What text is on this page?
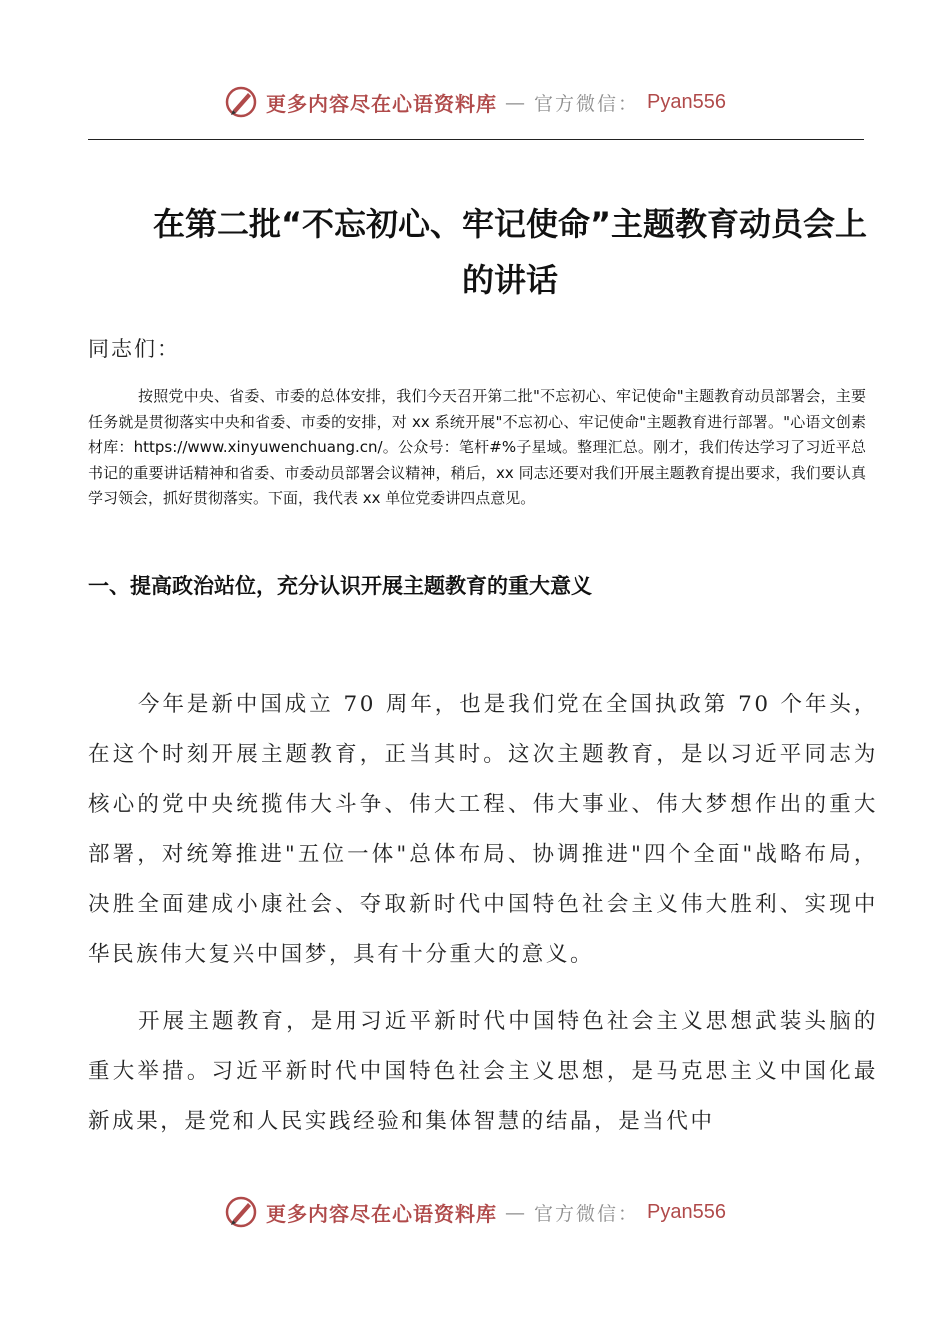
更多内容尽在心语资料库 — 官方微信： Pyan556
在第二批“不忘初心、牢记使命”主题教育动员会上的讲话
同志们：
按照党中央、省委、市委的总体安排，我们今天召开第二批"不忘初心、牢记使命"主题教育动员部署会，主要任务就是贯彻落实中央和省委、市委的安排，对 xx 系统开展"不忘初心、牢记使命"主题教育进行部署。"心语文创素材库：https://www.xinyuwenchuang.cn/。公众号：笔杆#%子星域。整理汇总。刚才，我们传达学习了习近平总书记的重要讲话精神和省委、市委动员部署会议精神，稍后，xx 同志还要对我们开展主题教育提出要求，我们要认真学习领会，抓好贯彻落实。下面，我代表 xx 单位党委讲四点意见。
一、提高政治站位，充分认识开展主题教育的重大意义
今年是新中国成立 70 周年，也是我们党在全国执政第 70 个年头，在这个时刻开展主题教育，正当其时。这次主题教育，是以习近平同志为核心的党中央统揽伟大斗争、伟大工程、伟大事业、伟大梦想作出的重大部署，对统筹推进"五位一体"总体布局、协调推进"四个全面"战略布局，决胜全面建成小康社会、夺取新时代中国特色社会主义伟大胜利、实现中华民族伟大复兴中国梦，具有十分重大的意义。
开展主题教育，是用习近平新时代中国特色社会主义思想武装头脑的重大举措。习近平新时代中国特色社会主义思想，是马克思主义中国化最新成果，是党和人民实践经验和集体智慧的结晶，是当代中
更多内容尽在心语资料库 — 官方微信： Pyan556
